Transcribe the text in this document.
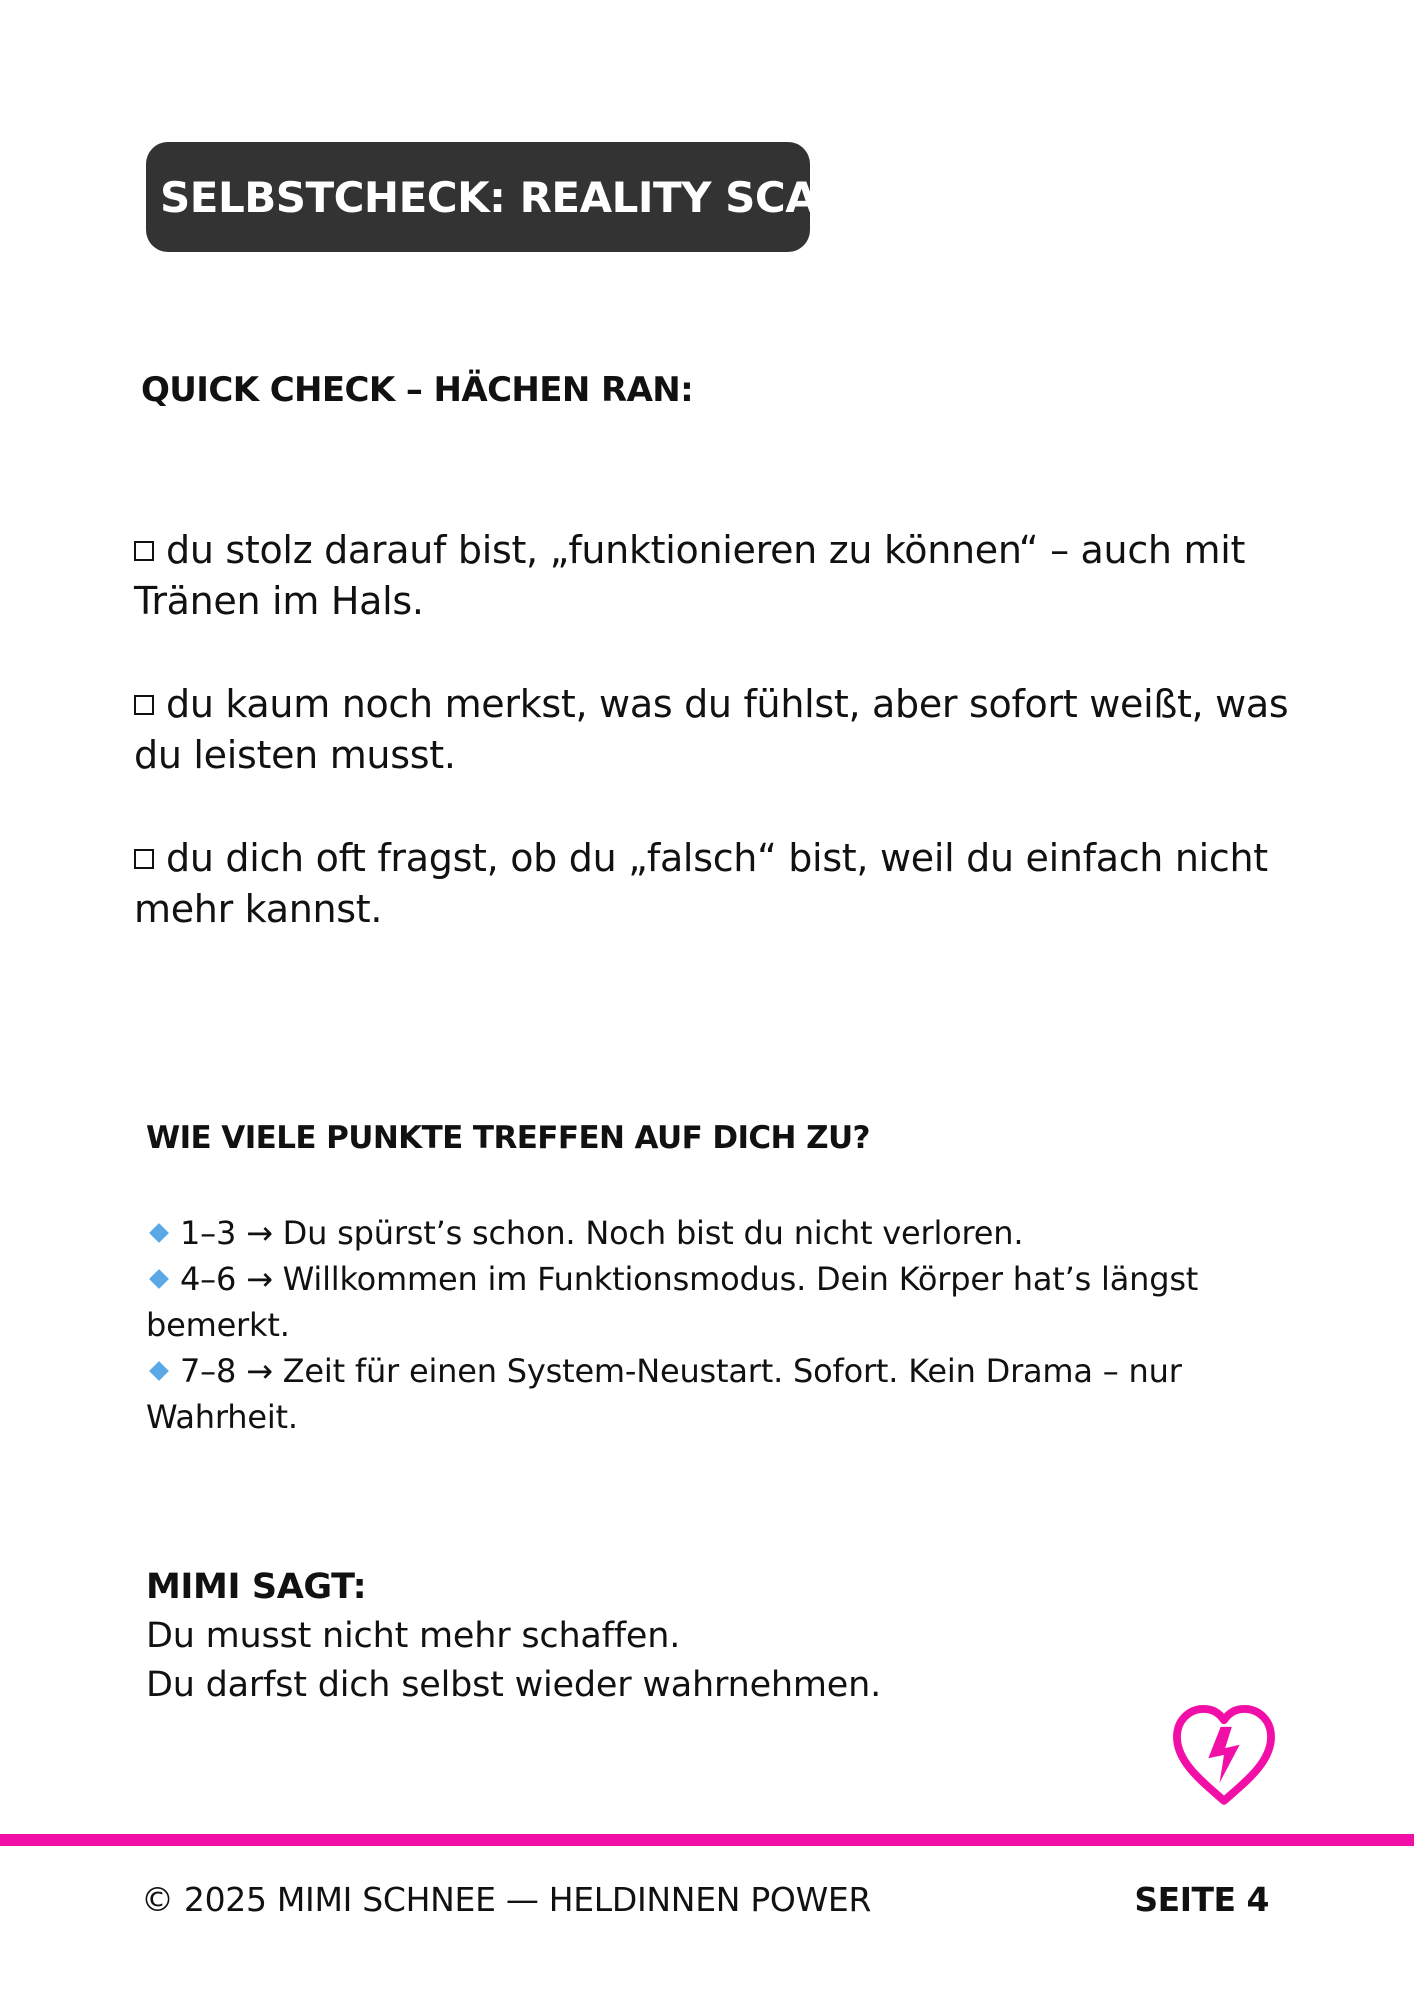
SELBSTCHECK: REALITY SCAN
QUICK CHECK – HÄCHEN RAN:
du stolz darauf bist, „funktionieren zu können“ – auch mit Tränen im Hals.
du kaum noch merkst, was du fühlst, aber sofort weißt, was du leisten musst.
du dich oft fragst, ob du „falsch“ bist, weil du einfach nicht mehr kannst.
WIE VIELE PUNKTE TREFFEN AUF DICH ZU?
1–3 → Du spürst’s schon. Noch bist du nicht verloren.
4–6 → Willkommen im Funktionsmodus. Dein Körper hat’s längst bemerkt.
7–8 → Zeit für einen System-Neustart. Sofort. Kein Drama – nur Wahrheit.
MIMI SAGT:
Du musst nicht mehr schaffen.
Du darfst dich selbst wieder wahrnehmen.
© 2025 MIMI SCHNEE — HELDINNEN POWER	SEITE 4
